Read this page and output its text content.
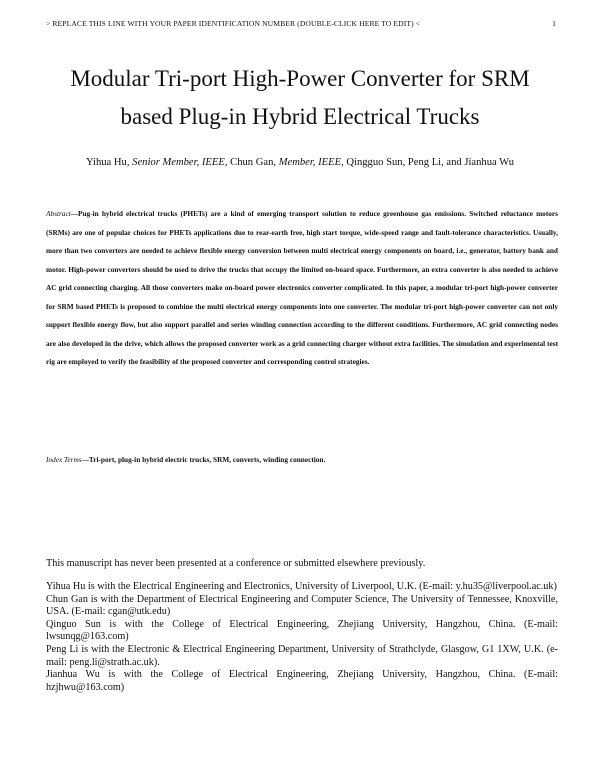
> REPLACE THIS LINE WITH YOUR PAPER IDENTIFICATION NUMBER (DOUBLE-CLICK HERE TO EDIT) <	1
Modular Tri-port High-Power Converter for SRM
based Plug-in Hybrid Electrical Trucks
Yihua Hu, Senior Member, IEEE, Chun Gan, Member, IEEE, Qingguo Sun, Peng Li, and Jianhua Wu
Abstract—Pug-in hybrid electrical trucks (PHETs) are a kind of emerging transport solution to reduce greenhouse gas emissions. Switched reluctance motors (SRMs) are one of popular choices for PHETs applications due to rear-earth free, high start torque, wide-speed range and fault-tolerance characteristics. Usually, more than two converters are needed to achieve flexible energy conversion between multi electrical energy components on board, i.e., generator, battery bank and motor. High-power converters should be used to drive the trucks that occupy the limited on-board space. Furthermore, an extra converter is also needed to achieve AC grid connecting charging. All those converters make on-board power electronics converter complicated. In this paper, a modular tri-port high-power converter for SRM based PHETs is proposed to combine the multi electrical energy components into one converter. The modular tri-port high-power converter can not only support flexible energy flow, but also support parallel and series winding connection according to the different conditions. Furthermore, AC grid connecting nodes are also developed in the drive, which allows the proposed converter work as a grid connecting charger without extra facilities. The simulation and experimental test rig are employed to verify the feasibility of the proposed converter and corresponding control strategies.
Index Terms—Tri-port, plug-in hybrid electric trucks, SRM, converts, winding connection.
This manuscript has never been presented at a conference or submitted elsewhere previously.

Yihua Hu is with the Electrical Engineering and Electronics, University of Liverpool, U.K. (E-mail: y.hu35@liverpool.ac.uk)

Chun Gan is with the Department of Electrical Engineering and Computer Science, The University of Tennessee, Knoxville, USA. (E-mail: cgan@utk.edu)

Qinguo Sun is with the College of Electrical Engineering, Zhejiang University, Hangzhou, China. (E-mail: lwsunqg@163.com)

Peng Li is with the Electronic & Electrical Engineering Department, University of Strathclyde, Glasgow, G1 1XW, U.K. (e-mail: peng.li@strath.ac.uk).

Jianhua Wu is with the College of Electrical Engineering, Zhejiang University, Hangzhou, China. (E-mail: hzjhwu@163.com)
